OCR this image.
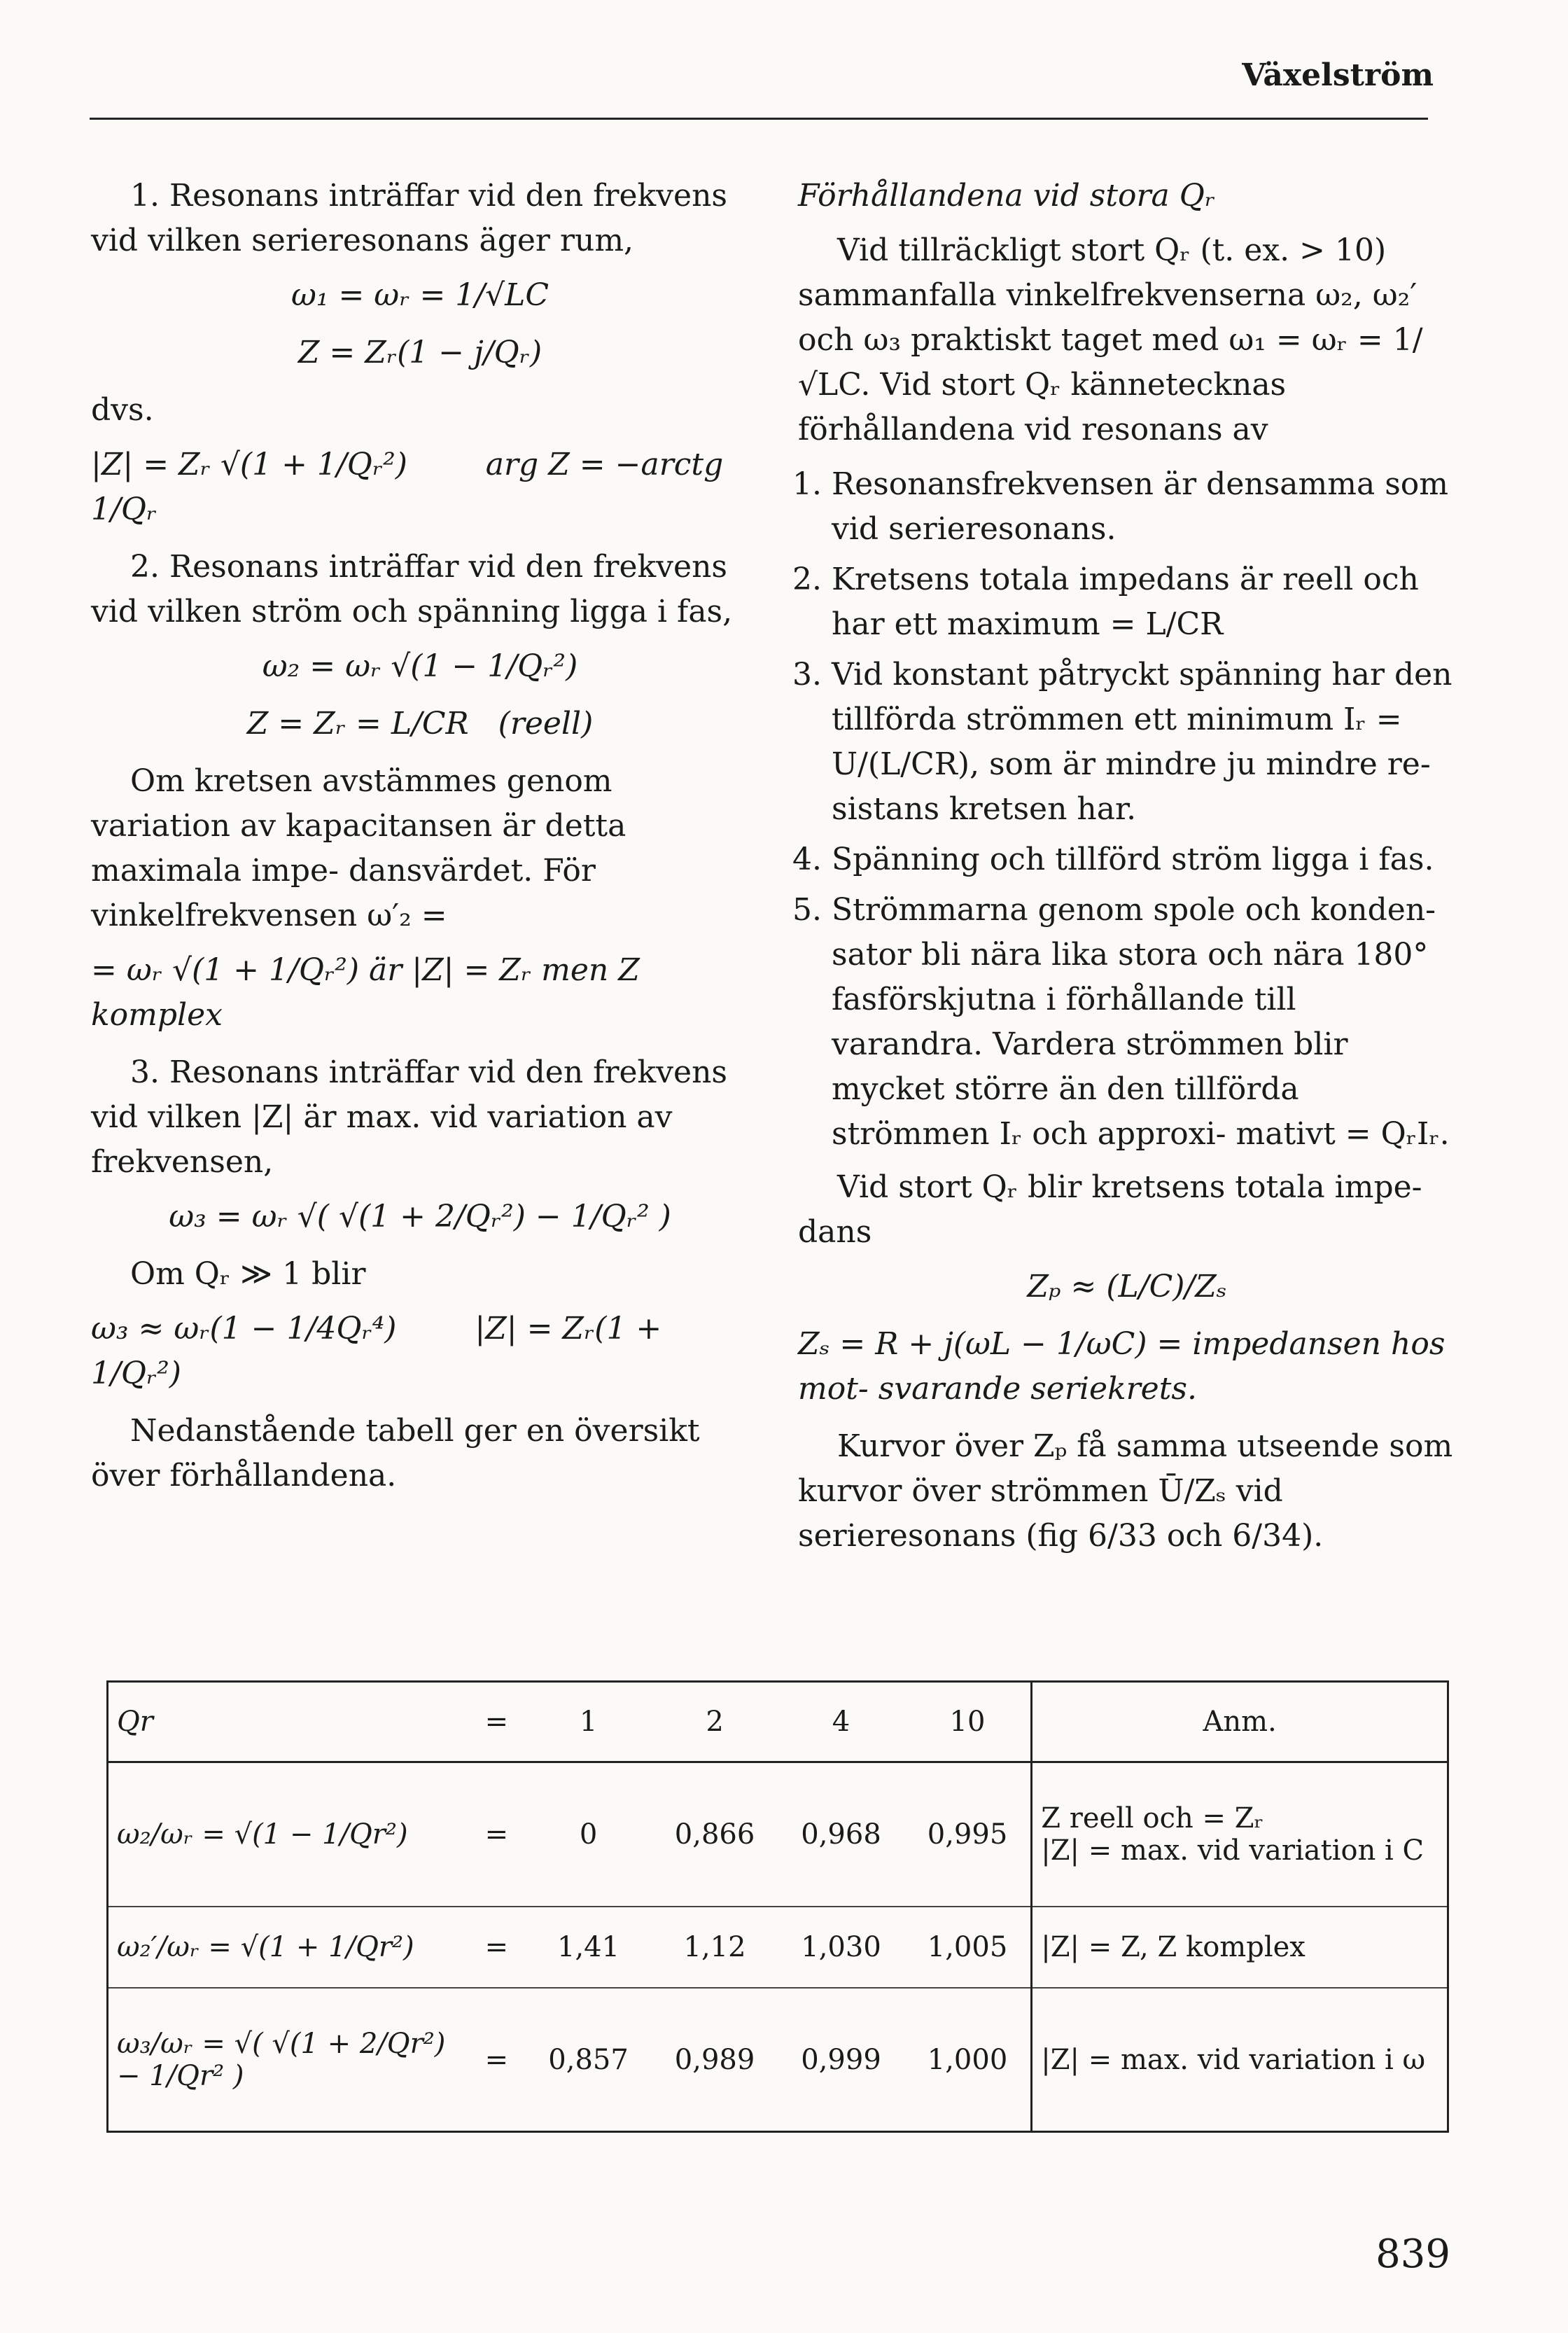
Växelström

1. Resonans inträffar vid den frekvens vid vilken serieresonans äger rum,

ω₁ = ωᵣ = 1/√LC
Z = Zᵣ(1 − j/Qᵣ)

dvs.

|Z| = Zᵣ √(1 + 1/Qᵣ²)        arg Z = −arctg 1/Qᵣ

2. Resonans inträffar vid den frekvens vid vilken ström och spänning ligga i fas,

ω₂ = ωᵣ √(1 − 1/Qᵣ²)
Z = Zᵣ = L/CR   (reell)

Om kretsen avstämmes genom variation av kapacitansen är detta maximala impe- dansvärdet. För vinkelfrekvensen ω′₂ =

= ωᵣ √(1 + 1/Qᵣ²) är |Z| = Zᵣ men Z komplex

3. Resonans inträffar vid den frekvens vid vilken |Z| är max. vid variation av frekvensen,

ω₃ = ωᵣ √( √(1 + 2/Qᵣ²) − 1/Qᵣ² )

Om Qᵣ ≫ 1 blir

ω₃ ≈ ωᵣ(1 − 1/4Qᵣ⁴)        |Z| = Zᵣ(1 + 1/Qᵣ²)

Nedanstående tabell ger en översikt över förhållandena.

Förhållandena vid stora Qᵣ

Vid tillräckligt stort Qᵣ (t. ex. > 10) sammanfalla vinkelfrekvenserna ω₂, ω₂′ och ω₃ praktiskt taget med ω₁ = ωᵣ = 1/√LC. Vid stort Qᵣ kännetecknas förhållandena vid resonans av

1. Resonansfrekvensen är densamma som vid serieresonans.
2. Kretsens totala impedans är reell och har ett maximum = L/CR
3. Vid konstant påtryckt spänning har den tillförda strömmen ett minimum Iᵣ = U/(L/CR), som är mindre ju mindre re- sistans kretsen har.
4. Spänning och tillförd ström ligga i fas.
5. Strömmarna genom spole och konden- sator bli nära lika stora och nära 180° fasförskjutna i förhållande till varandra. Vardera strömmen blir mycket större än den tillförda strömmen Iᵣ och approxi- mativt = QᵣIᵣ.

Vid stort Qᵣ blir kretsens totala impe- dans

Zₚ ≈ (L/C)/Zₛ
Zₛ = R + j(ωL − 1/ωC) = impedansen hos mot- svarande seriekrets.

Kurvor över Zₚ få samma utseende som kurvor över strömmen Ū/Zₛ vid serieresonans (fig 6/33 och 6/34).

Qr	=	1	2	4	10	Anm.
ω₂/ωᵣ = √(1 − 1/Qr²)	=	0	0,866	0,968	0,995	Z reell och = Zᵣ
|Z| = max. vid variation i C
ω₂′/ωᵣ = √(1 + 1/Qr²)	=	1,41	1,12	1,030	1,005	|Z| = Z, Z komplex
ω₃/ωᵣ = √( √(1 + 2/Qr²) − 1/Qr² )	=	0,857	0,989	0,999	1,000	|Z| = max. vid variation i ω
839
